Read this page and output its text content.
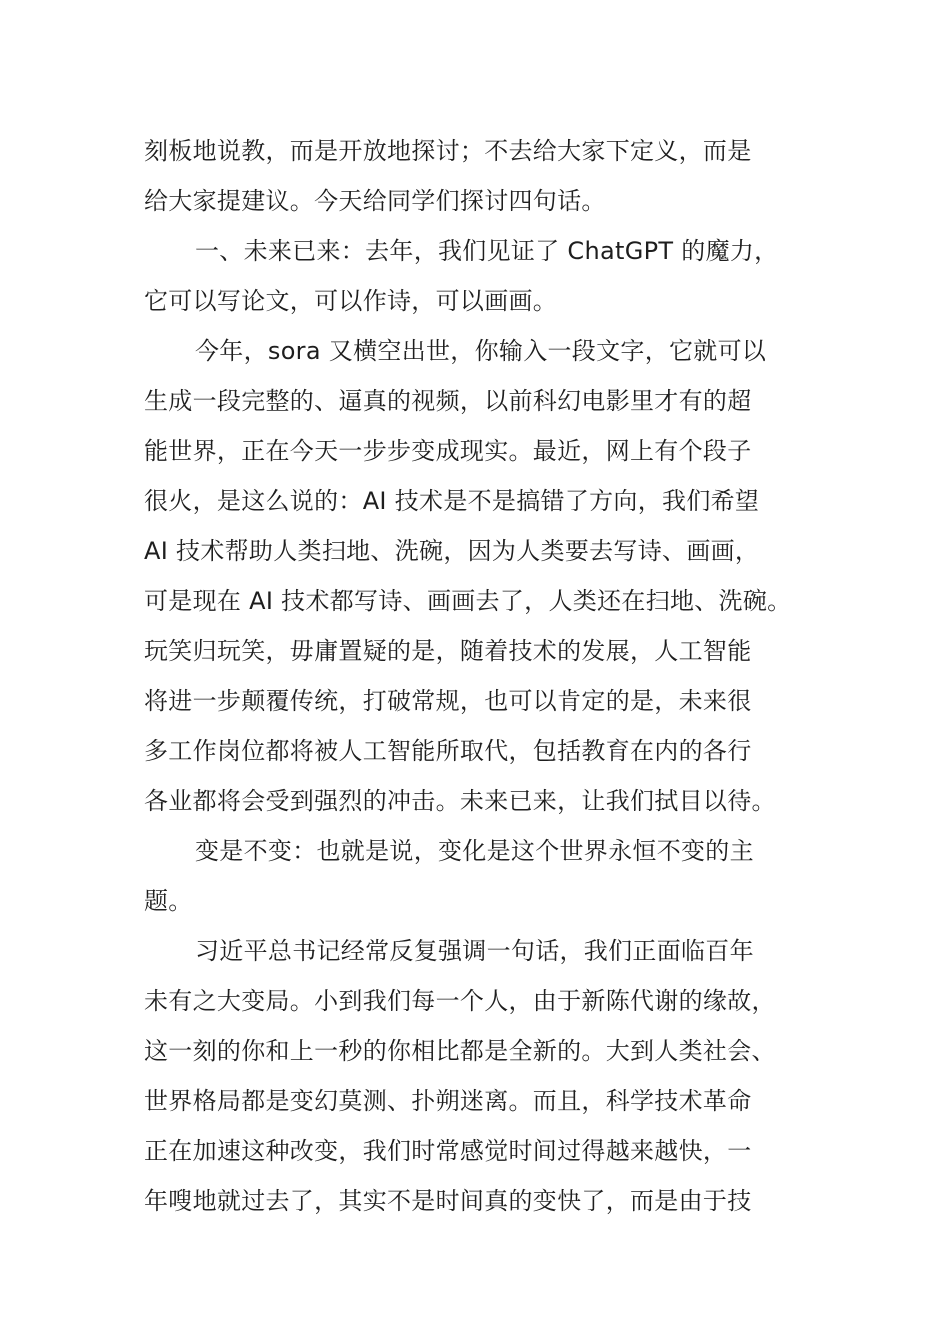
刻板地说教，而是开放地探讨；不去给大家下定义，而是
给大家提建议。今天给同学们探讨四句话。
一、未来已来：去年，我们见证了 ChatGPT 的魔力，
它可以写论文，可以作诗，可以画画。
今年，sora 又横空出世，你输入一段文字，它就可以
生成一段完整的、逼真的视频，以前科幻电影里才有的超
能世界，正在今天一步步变成现实。最近，网上有个段子
很火，是这么说的：AI 技术是不是搞错了方向，我们希望
AI 技术帮助人类扫地、洗碗，因为人类要去写诗、画画，
可是现在 AI 技术都写诗、画画去了，人类还在扫地、洗碗。
玩笑归玩笑，毋庸置疑的是，随着技术的发展，人工智能
将进一步颠覆传统，打破常规，也可以肯定的是，未来很
多工作岗位都将被人工智能所取代，包括教育在内的各行
各业都将会受到强烈的冲击。未来已来，让我们拭目以待。
变是不变：也就是说，变化是这个世界永恒不变的主
题。
习近平总书记经常反复强调一句话，我们正面临百年
未有之大变局。小到我们每一个人，由于新陈代谢的缘故，
这一刻的你和上一秒的你相比都是全新的。大到人类社会、
世界格局都是变幻莫测、扑朔迷离。而且，科学技术革命
正在加速这种改变，我们时常感觉时间过得越来越快，一
年嗖地就过去了，其实不是时间真的变快了，而是由于技
